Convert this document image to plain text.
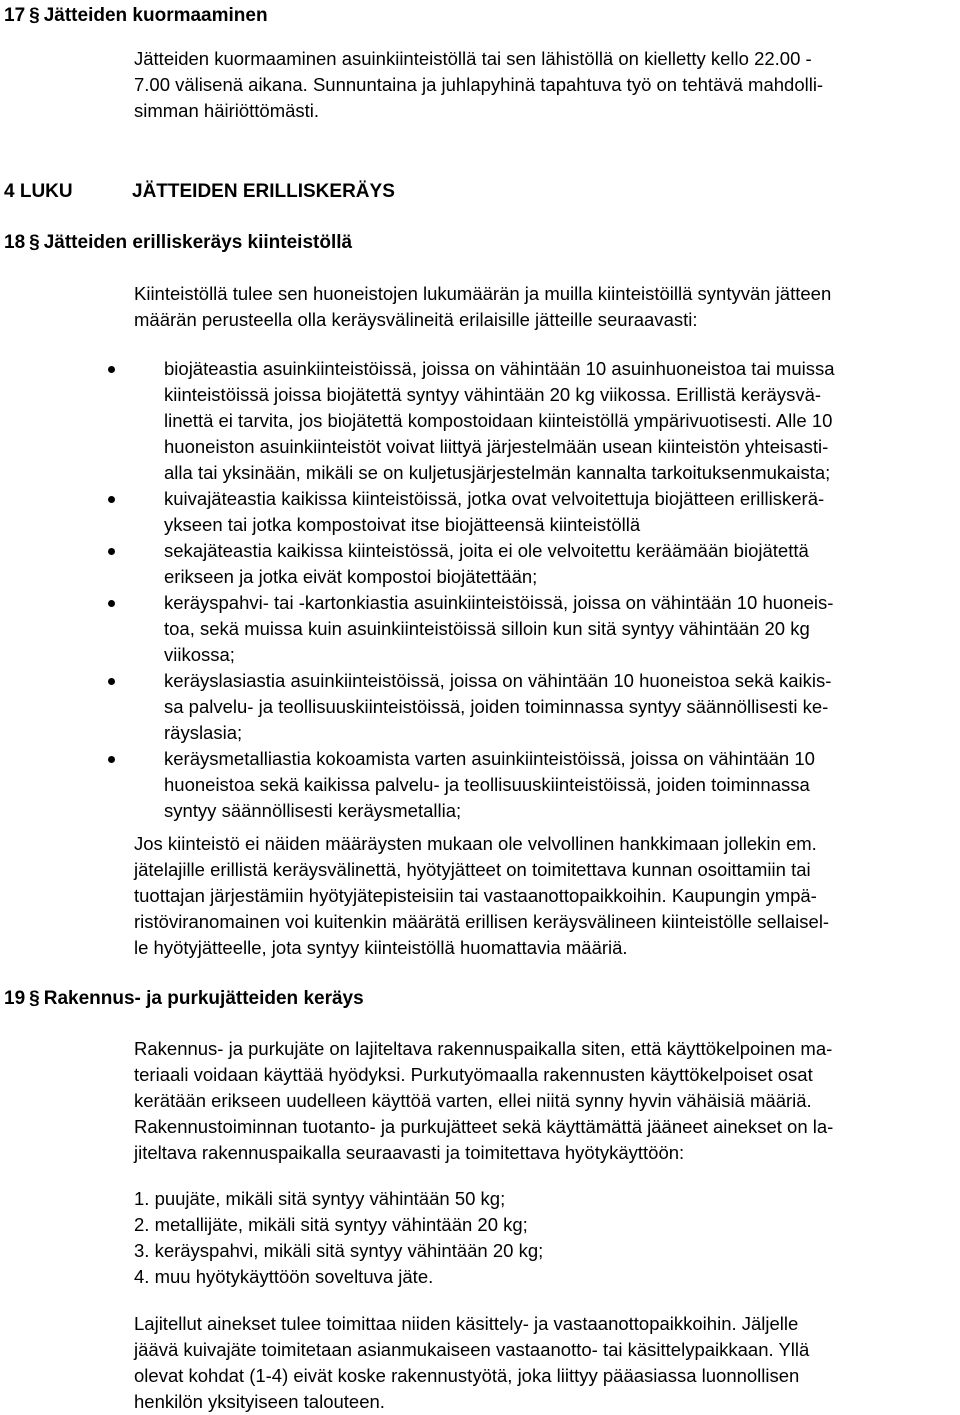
17 § Jätteiden kuormaaminen
Jätteiden kuormaaminen asuinkiinteistöllä tai sen lähistöllä on kielletty kello 22.00 -
7.00 välisenä aikana. Sunnuntaina ja juhlapyhinä tapahtuva työ on tehtävä mahdolli-
simman häiriöttömästi.
4 LUKU	JÄTTEIDEN ERILLISKERÄYS
18 § Jätteiden erilliskeräys kiinteistöllä
Kiinteistöllä tulee sen huoneistojen lukumäärän ja muilla kiinteistöillä syntyvän jätteen
määrän perusteella olla keräysvälineitä erilaisille jätteille seuraavasti:
biojäteastia asuinkiinteistöissä, joissa on vähintään 10 asuinhuoneistoa tai muissa
kiinteistöissä joissa biojätettä syntyy vähintään 20 kg viikossa. Erillistä keräysvä-
linettä ei tarvita, jos biojätettä kompostoidaan kiinteistöllä ympärivuotisesti. Alle 10
huoneiston asuinkiinteistöt voivat liittyä järjestelmään usean kiinteistön yhteisasti-
alla tai yksinään, mikäli se on kuljetusjärjestelmän kannalta tarkoituksenmukaista;
kuivajäteastia kaikissa kiinteistöissä, jotka ovat velvoitettuja biojätteen erilliskerä-
ykseen tai jotka kompostoivat itse biojätteensä kiinteistöllä
sekajäteastia kaikissa kiinteistössä, joita ei ole velvoitettu keräämään biojätettä
erikseen ja jotka eivät kompostoi biojätettään;
keräyspahvi- tai -kartonkiastia asuinkiinteistöissä, joissa on vähintään 10 huoneis-
toa, sekä muissa kuin asuinkiinteistöissä silloin kun sitä syntyy vähintään 20 kg
viikossa;
keräyslasiastia asuinkiinteistöissä, joissa on vähintään 10 huoneistoa sekä kaikis-
sa palvelu- ja teollisuuskiinteistöissä, joiden toiminnassa syntyy säännöllisesti ke-
räyslasia;
keräysmetalliastia kokoamista varten asuinkiinteistöissä, joissa on vähintään 10
huoneistoa sekä kaikissa palvelu- ja teollisuuskiinteistöissä, joiden toiminnassa
syntyy säännöllisesti keräysmetallia;
Jos kiinteistö ei näiden määräysten mukaan ole velvollinen hankkimaan jollekin em.
jätelajille erillistä keräysvälinettä, hyötyjätteet on toimitettava kunnan osoittamiin tai
tuottajan järjestämiin hyötyjätepisteisiin tai vastaanottopaikkoihin. Kaupungin ympä-
ristöviranomainen voi kuitenkin määrätä erillisen keräysvälineen kiinteistölle sellaisel-
le hyötyjätteelle, jota syntyy kiinteistöllä huomattavia määriä.
19 § Rakennus- ja purkujätteiden keräys
Rakennus- ja purkujäte on lajiteltava rakennuspaikalla siten, että käyttökelpoinen ma-
teriaali voidaan käyttää hyödyksi. Purkutyömaalla rakennusten käyttökelpoiset osat
kerätään erikseen uudelleen käyttöä varten, ellei niitä synny hyvin vähäisiä määriä.
Rakennustoiminnan tuotanto- ja purkujätteet sekä käyttämättä jääneet ainekset on la-
jiteltava rakennuspaikalla seuraavasti ja toimitettava hyötykäyttöön:
1. puujäte, mikäli sitä syntyy vähintään 50 kg;
2. metallijäte, mikäli sitä syntyy vähintään 20 kg;
3. keräyspahvi, mikäli sitä syntyy vähintään 20 kg;
4. muu hyötykäyttöön soveltuva jäte.
Lajitellut ainekset tulee toimittaa niiden käsittely- ja vastaanottopaikkoihin. Jäljelle
jäävä kuivajäte toimitetaan asianmukaiseen vastaanotto- tai käsittelypaikkaan. Yllä
olevat kohdat (1-4) eivät koske rakennustyötä, joka liittyy pääasiassa luonnollisen
henkilön yksityiseen talouteen.
